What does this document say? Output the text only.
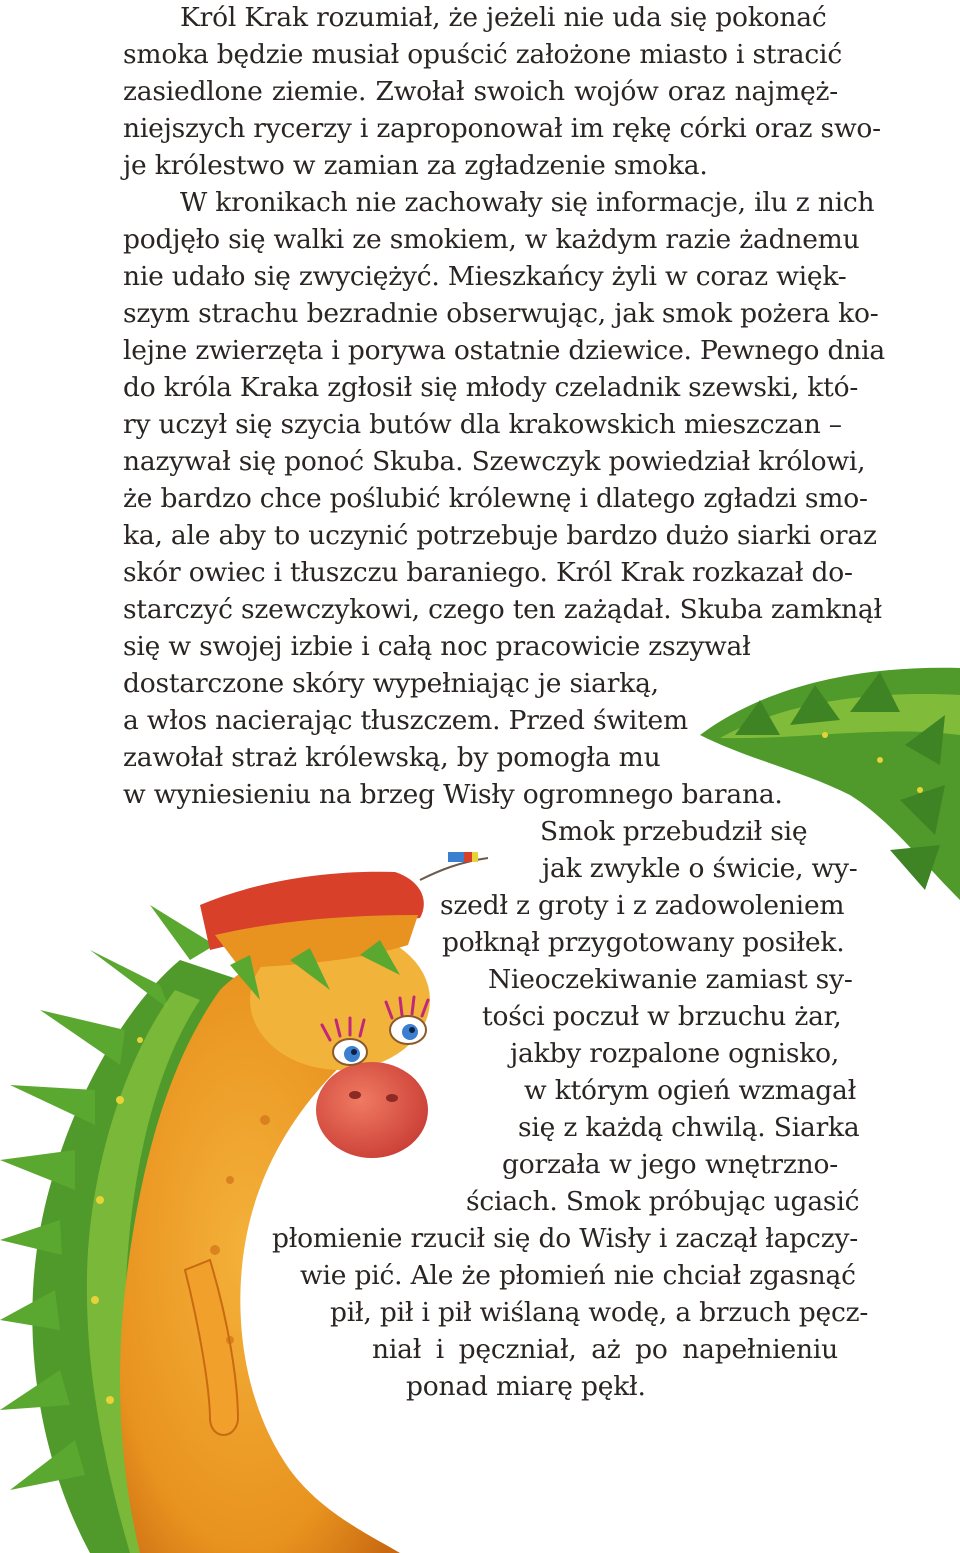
Król Krak rozumiał, że jeżeli nie uda się pokonać
smoka będzie musiał opuścić założone miasto i stracić
zasiedlone ziemie. Zwołał swoich wojów oraz najmęż-
niejszych rycerzy i zaproponował im rękę córki oraz swo-
je królestwo w zamian za zgładzenie smoka.
W kronikach nie zachowały się informacje, ilu z nich
podjęło się walki ze smokiem, w każdym razie żadnemu
nie udało się zwyciężyć. Mieszkańcy żyli w coraz więk-
szym strachu bezradnie obserwując, jak smok pożera ko-
lejne zwierzęta i porywa ostatnie dziewice. Pewnego dnia
do króla Kraka zgłosił się młody czeladnik szewski, któ-
ry uczył się szycia butów dla krakowskich mieszczan –
nazywał się ponoć Skuba. Szewczyk powiedział królowi,
że bardzo chce poślubić królewnę i dlatego zgładzi smo-
ka, ale aby to uczynić potrzebuje bardzo dużo siarki oraz
skór owiec i tłuszczu baraniego. Król Krak rozkazał do-
starczyć szewczykowi, czego ten zażądał. Skuba zamknął
się w swojej izbie i całą noc pracowicie zszywał
dostarczone skóry wypełniając je siarką,
a włos nacierając tłuszczem. Przed świtem
zawołał straż królewską, by pomogła mu
w wyniesieniu na brzeg Wisły ogromnego barana.
Smok przebudził się
jak zwykle o świcie, wy-
szedł z groty i z zadowoleniem
połknął przygotowany posiłek.
Nieoczekiwanie zamiast sy-
tości poczuł w brzuchu żar,
jakby rozpalone ognisko,
w którym ogień wzmagał
się z każdą chwilą. Siarka
gorzała w jego wnętrzno-
ściach. Smok próbując ugasić
płomienie rzucił się do Wisły i zaczął łapczy-
wie pić. Ale że płomień nie chciał zgasnąć
pił, pił i pił wiślaną wodę, a brzuch pęcz-
niał i pęczniał, aż po napełnieniu
ponad miarę pękł.
